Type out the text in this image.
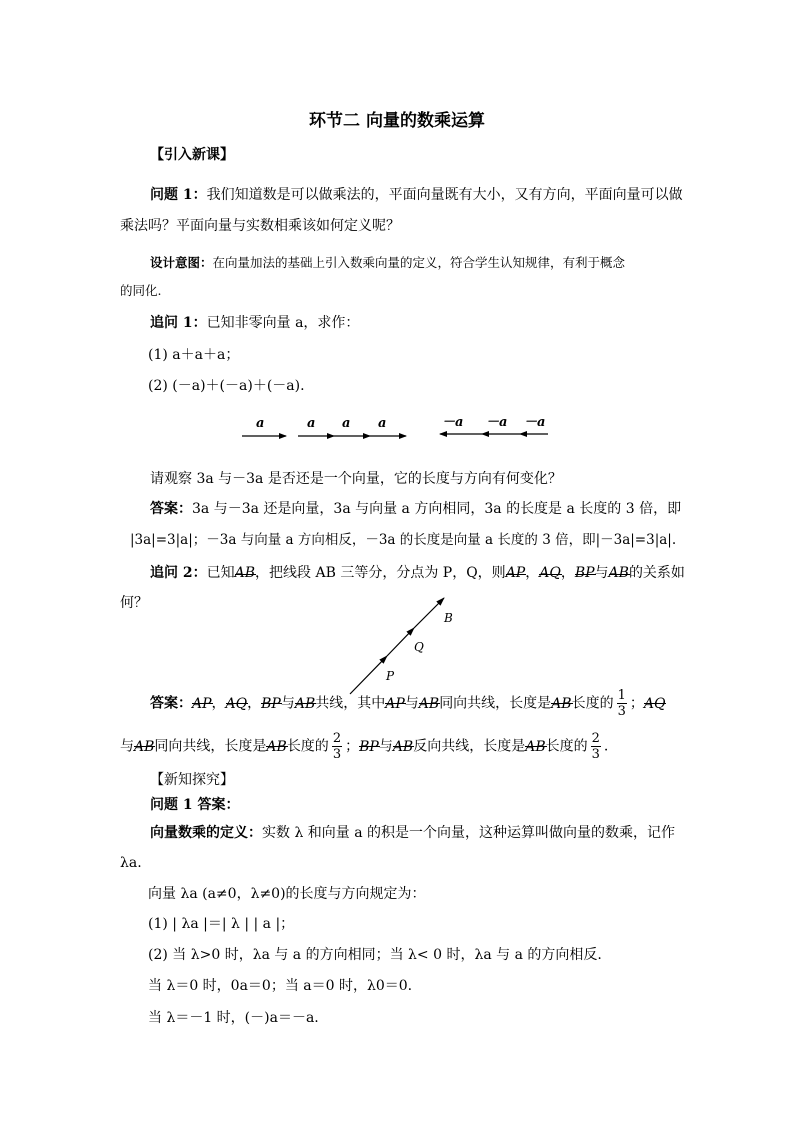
环节二 向量的数乘运算
【引入新课】
问题 1：我们知道数是可以做乘法的，平面向量既有大小，又有方向，平面向量可以做
乘法吗？平面向量与实数相乘该如何定义呢？
设计意图：在向量加法的基础上引入数乘向量的定义，符合学生认知规律，有利于概念
的同化.
追问 1：已知非零向量 a，求作：
(1) a＋a＋a；
(2) (－a)＋(－a)＋(－a).
a	a a a	－a －a －a
请观察 3a 与－3a 是否还是一个向量，它的长度与方向有何变化？
答案：3a 与－3a 还是向量，3a 与向量 a 方向相同，3a 的长度是 a 长度的 3 倍，即
|3a|=3|a|；－3a 与向量 a 方向相反，－3a 的长度是向量 a 长度的 3 倍，即|－3a|=3|a|.
追问 2：已知AB，把线段 AB 三等分，分点为 P，Q，则AP，AQ，BP与AB的关系如
何？
B
Q
P
答案：AP，AQ，BP与AB共线，其中AP与AB同向共线，长度是AB长度的 $\frac{1}{3}$ ；AQ
与AB同向共线，长度是AB长度的 $\frac{2}{3}$ ；BP与AB反向共线，长度是AB长度的 $\frac{2}{3}$ .
【新知探究】
问题 1 答案：
向量数乘的定义：实数 λ 和向量 a 的积是一个向量，这种运算叫做向量的数乘，记作
λa.
向量 λa (a≠0，λ≠0)的长度与方向规定为：
(1) | λa |＝| λ | | a |；
(2) 当 λ>0 时，λa 与 a 的方向相同；当 λ< 0 时，λa 与 a 的方向相反.
当 λ＝0 时，0a＝0；当 a＝0 时，λ0＝0.
当 λ＝－1 时，(－)a＝－a.
